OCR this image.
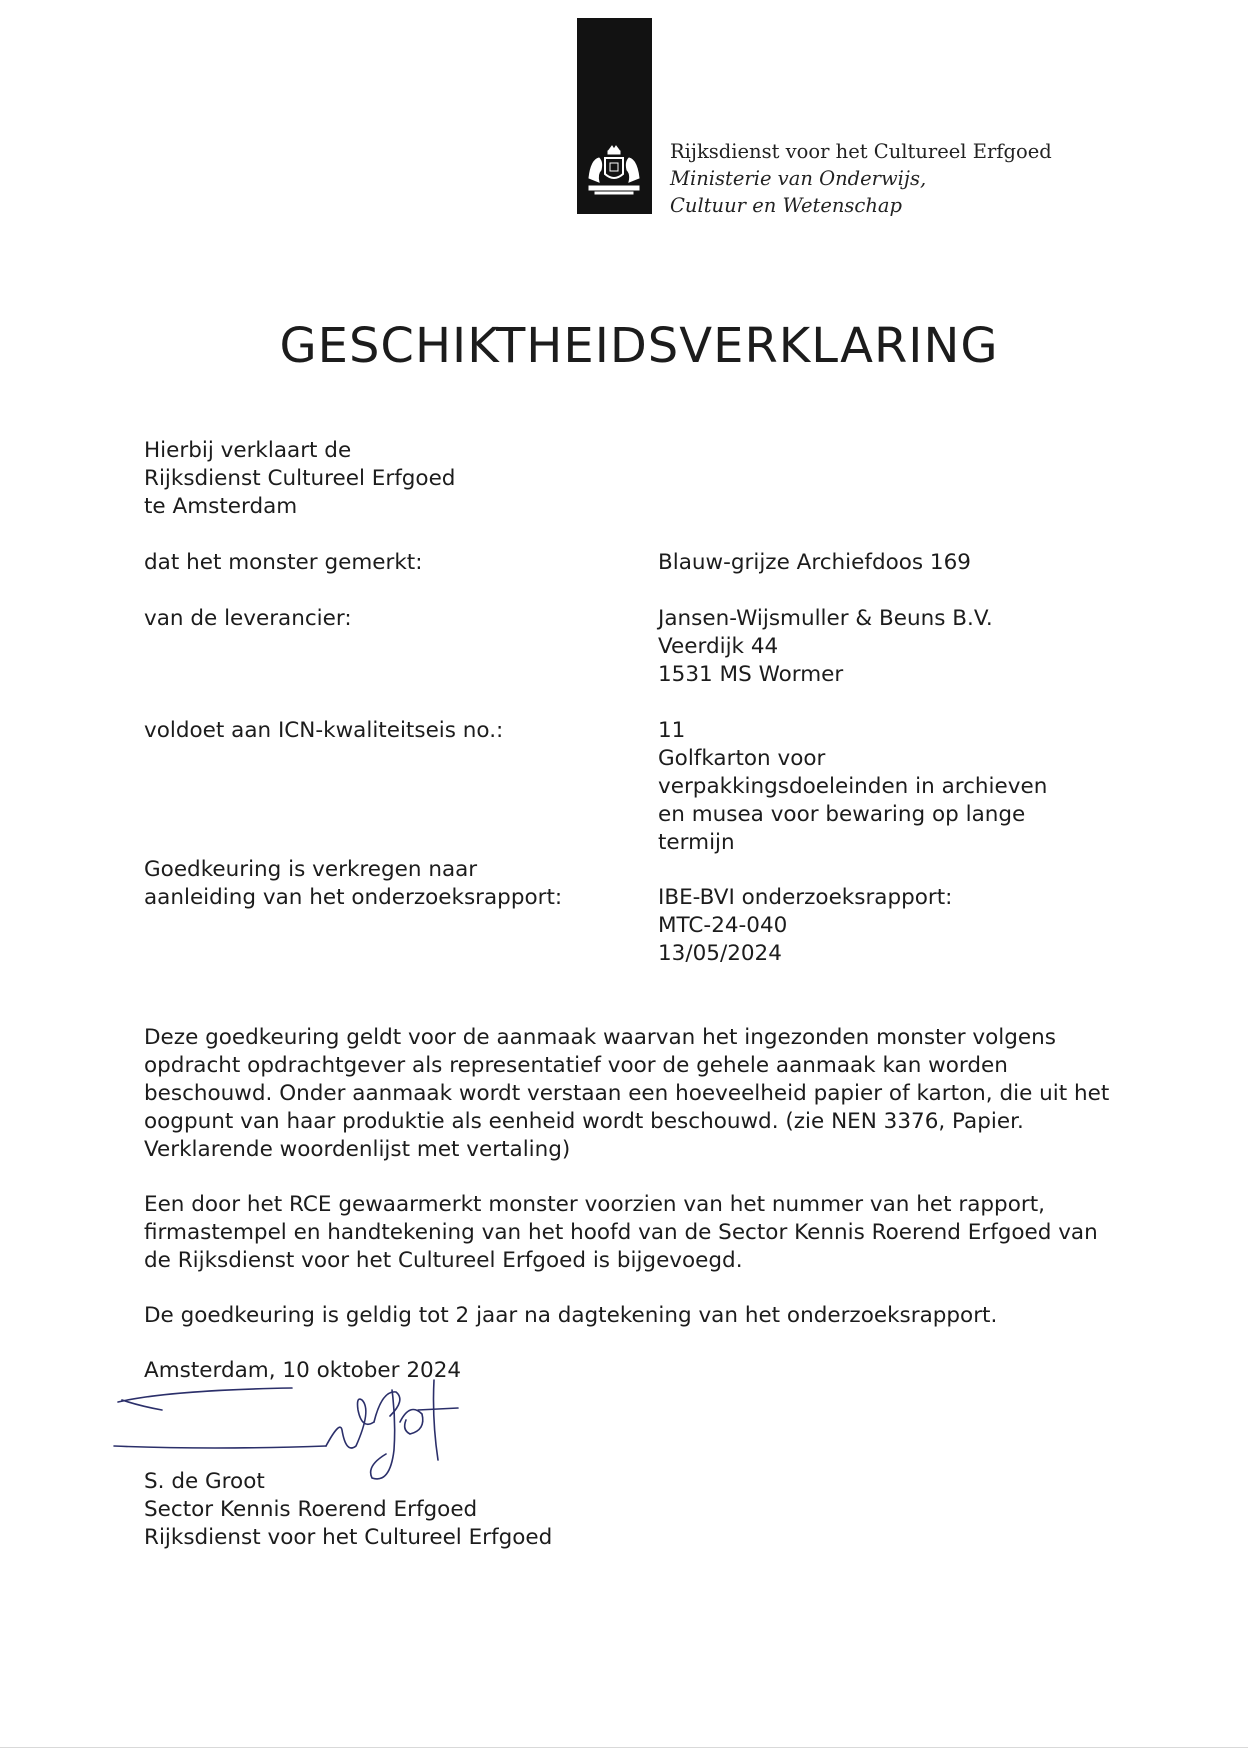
Rijksdienst voor het Cultureel Erfgoed
Ministerie van Onderwijs, Cultuur en Wetenschap
GESCHIKTHEIDSVERKLARING
Hierbij verklaart de
Rijksdienst Cultureel Erfgoed
te Amsterdam
dat het monster gemerkt:	Blauw-grijze Archiefdoos 169
van de leverancier:	Jansen-Wijsmuller & Beuns B.V.
Veerdijk 44
1531 MS Wormer
voldoet aan ICN-kwaliteitseis no.:	11
Golfkarton voor
verpakkingsdoeleinden in archieven
en musea voor bewaring op lange
termijn
Goedkeuring is verkregen naar
aanleiding van het onderzoeksrapport:	IBE-BVI onderzoeksrapport:
MTC-24-040
13/05/2024
Deze goedkeuring geldt voor de aanmaak waarvan het ingezonden monster volgens opdracht opdrachtgever als representatief voor de gehele aanmaak kan worden beschouwd. Onder aanmaak wordt verstaan een hoeveelheid papier of karton, die uit het oogpunt van haar produktie als eenheid wordt beschouwd. (zie NEN 3376, Papier. Verklarende woordenlijst met vertaling)
Een door het RCE gewaarmerkt monster voorzien van het nummer van het rapport, firmastempel en handtekening van het hoofd van de Sector Kennis Roerend Erfgoed van de Rijksdienst voor het Cultureel Erfgoed is bijgevoegd.
De goedkeuring is geldig tot 2 jaar na dagtekening van het onderzoeksrapport.
Amsterdam, 10 oktober 2024
S. de Groot
Sector Kennis Roerend Erfgoed
Rijksdienst voor het Cultureel Erfgoed
